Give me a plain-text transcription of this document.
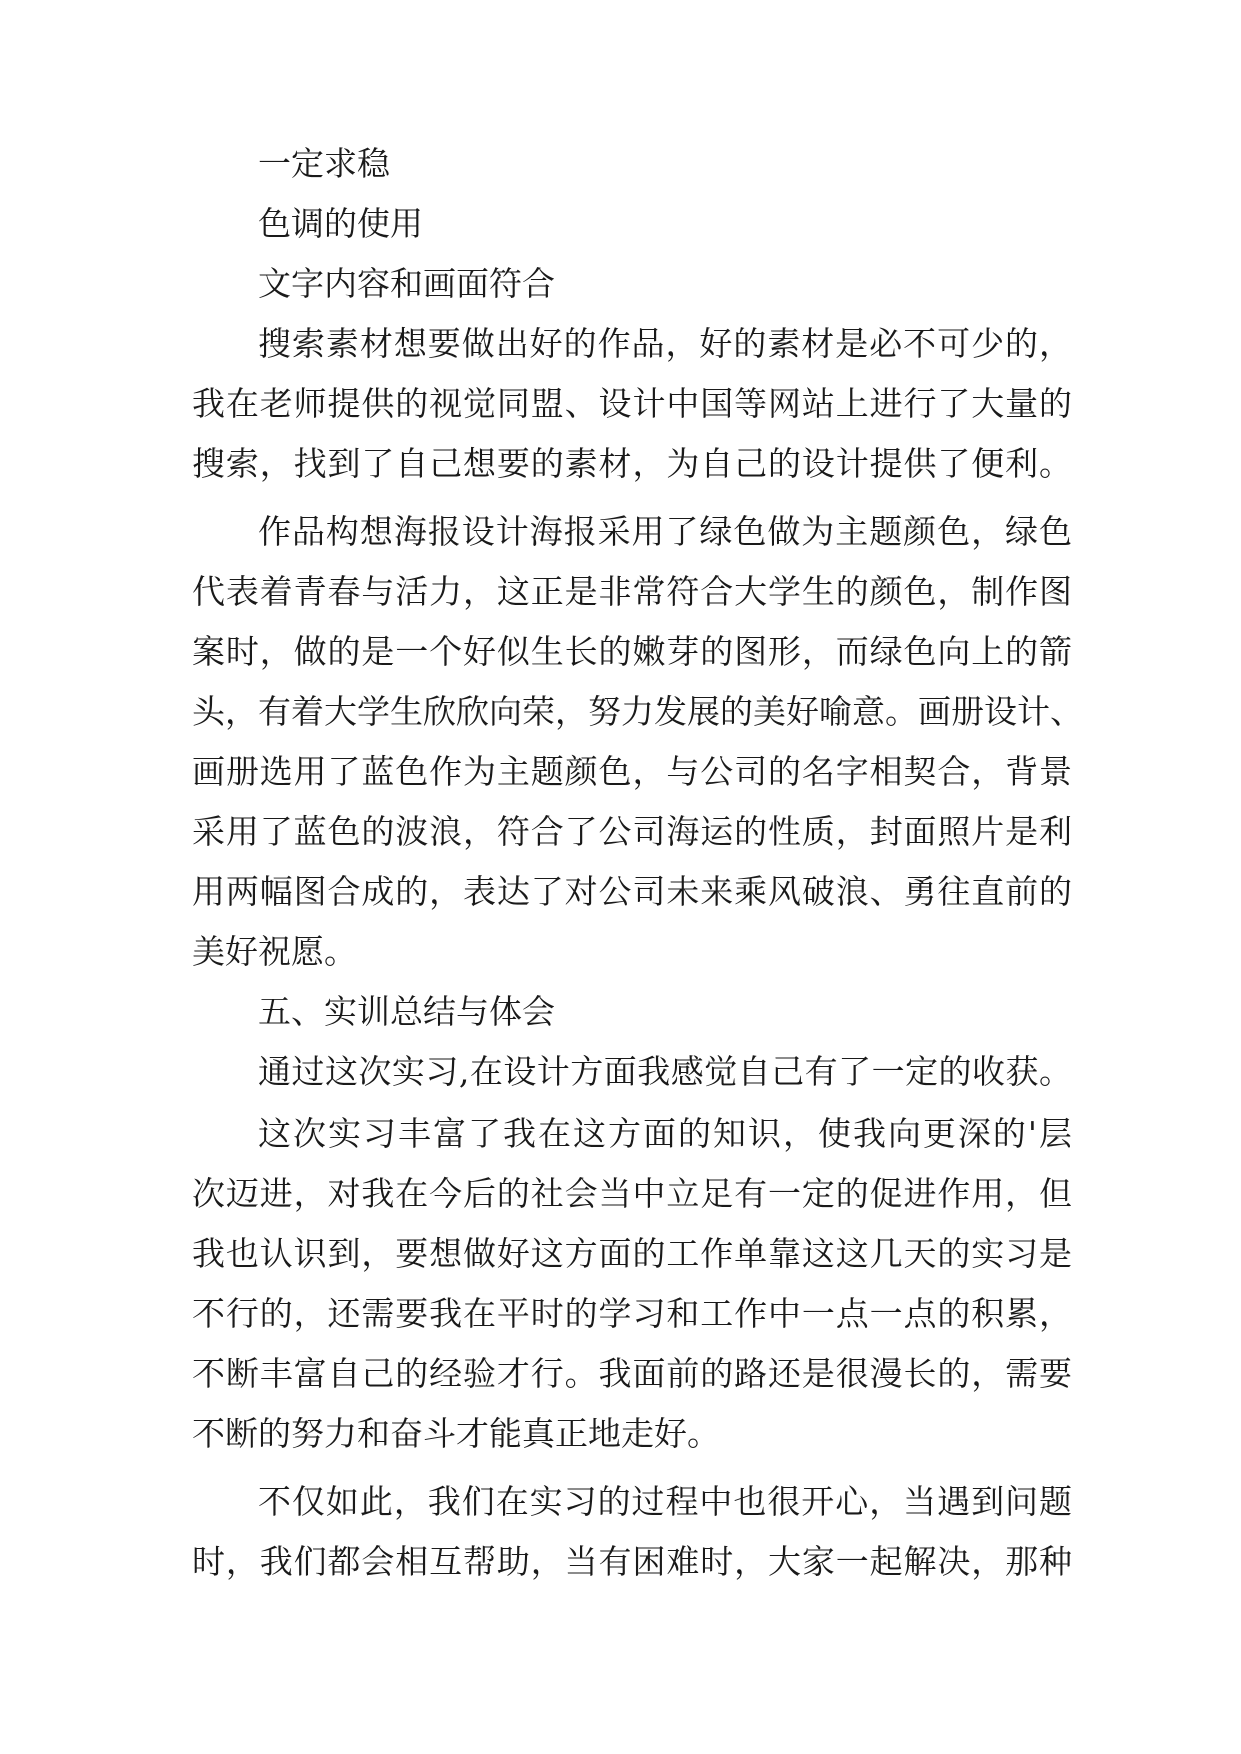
一定求稳
色调的使用
文字内容和画面符合
搜索素材想要做出好的作品，好的素材是必不可少的，
我在老师提供的视觉同盟、设计中国等网站上进行了大量的
搜索，找到了自己想要的素材，为自己的设计提供了便利。
作品构想海报设计海报采用了绿色做为主题颜色，绿色
代表着青春与活力，这正是非常符合大学生的颜色，制作图
案时，做的是一个好似生长的嫩芽的图形，而绿色向上的箭
头，有着大学生欣欣向荣，努力发展的美好喻意。画册设计、
画册选用了蓝色作为主题颜色，与公司的名字相契合，背景
采用了蓝色的波浪，符合了公司海运的性质，封面照片是利
用两幅图合成的，表达了对公司未来乘风破浪、勇往直前的
美好祝愿。
五、实训总结与体会
通过这次实习,在设计方面我感觉自己有了一定的收获。
这次实习丰富了我在这方面的知识，使我向更深的'层
次迈进，对我在今后的社会当中立足有一定的促进作用，但
我也认识到，要想做好这方面的工作单靠这这几天的实习是
不行的，还需要我在平时的学习和工作中一点一点的积累，
不断丰富自己的经验才行。我面前的路还是很漫长的，需要
不断的努力和奋斗才能真正地走好。
不仅如此，我们在实习的过程中也很开心，当遇到问题
时，我们都会相互帮助，当有困难时，大家一起解决，那种
